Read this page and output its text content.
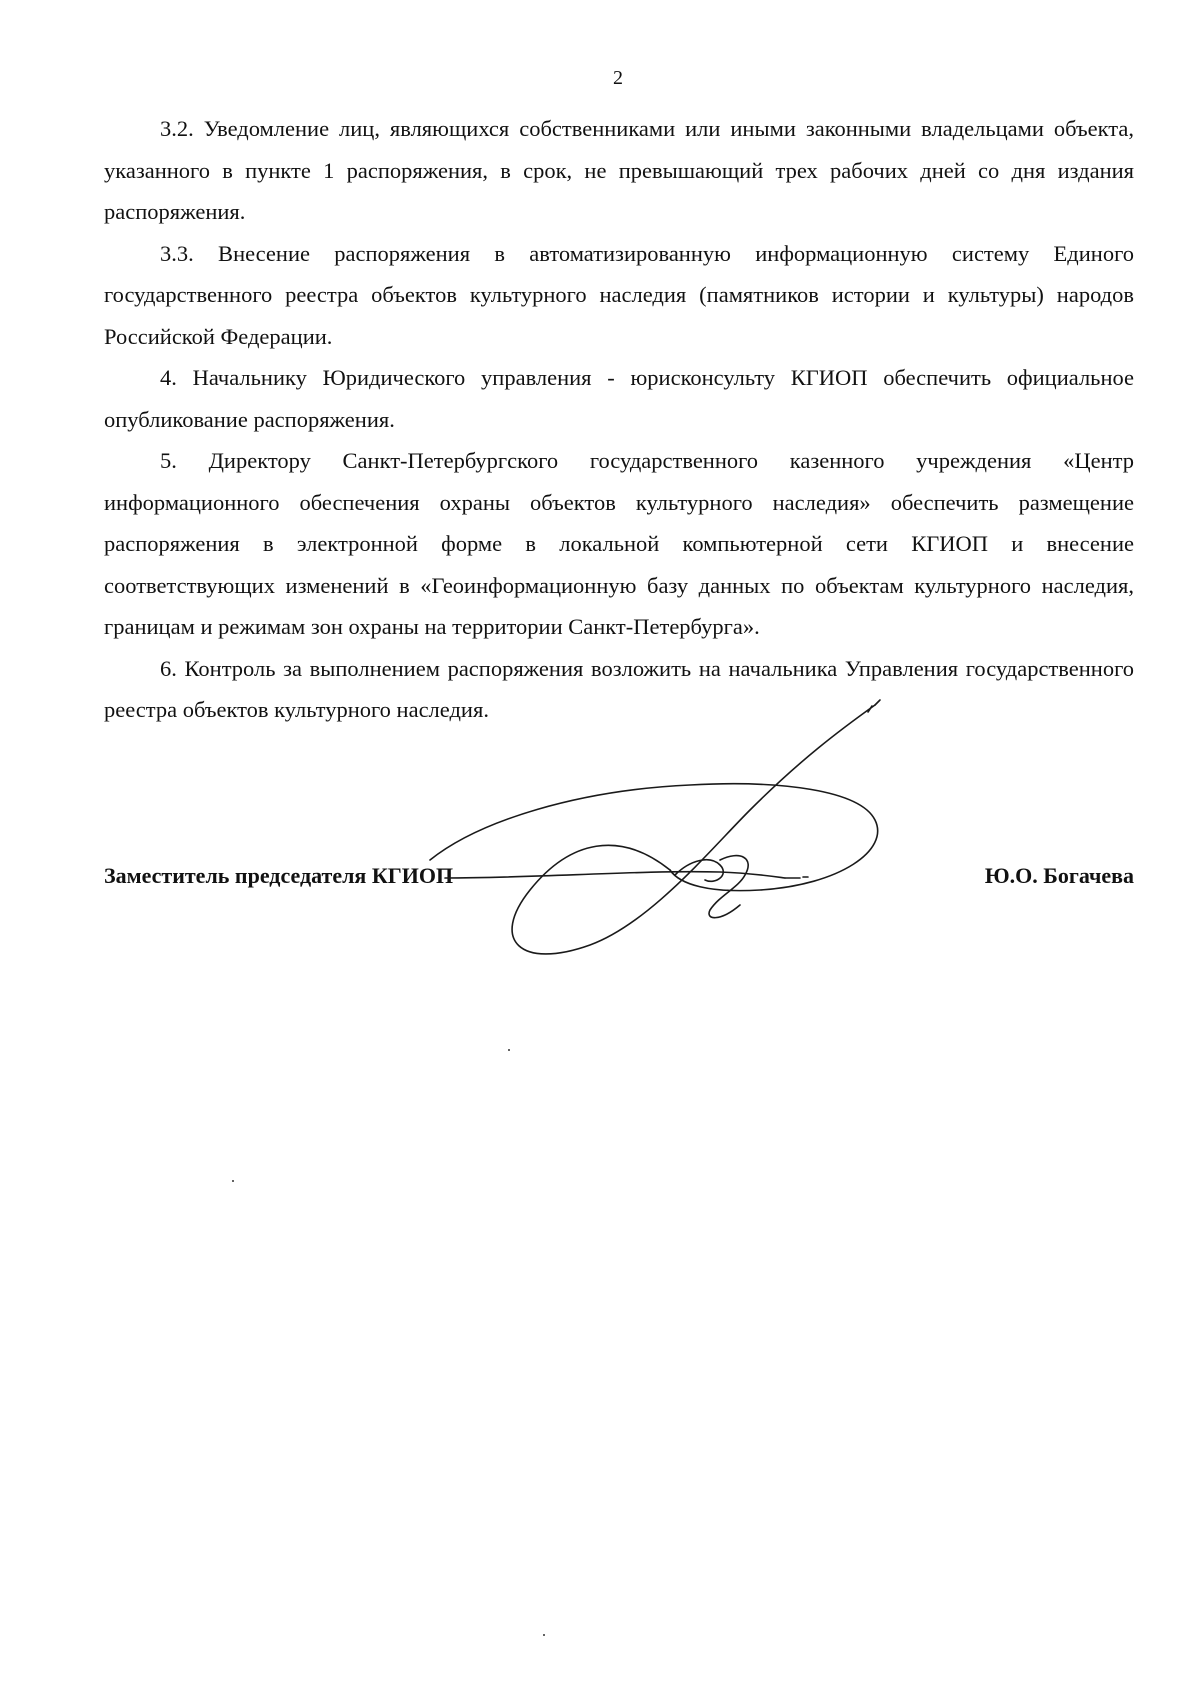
2

3.2. Уведомление лиц, являющихся собственниками или иными законными владельцами объекта, указанного в пункте 1 распоряжения, в срок, не превышающий трех рабочих дней со дня издания распоряжения.

3.3. Внесение распоряжения в автоматизированную информационную систему Единого государственного реестра объектов культурного наследия (памятников истории и культуры) народов Российской Федерации.

4. Начальнику Юридического управления - юрисконсульту КГИОП обеспечить официальное опубликование распоряжения.

5. Директору Санкт-Петербургского государственного казенного учреждения «Центр информационного обеспечения охраны объектов культурного наследия» обеспечить размещение распоряжения в электронной форме в локальной компьютерной сети КГИОП и внесение соответствующих изменений в «Геоинформационную базу данных по объектам культурного наследия, границам и режимам зон охраны на территории Санкт-Петербурга».

6. Контроль за выполнением распоряжения возложить на начальника Управления государственного реестра объектов культурного наследия.

Заместитель председателя КГИОП	Ю.О. Богачева
